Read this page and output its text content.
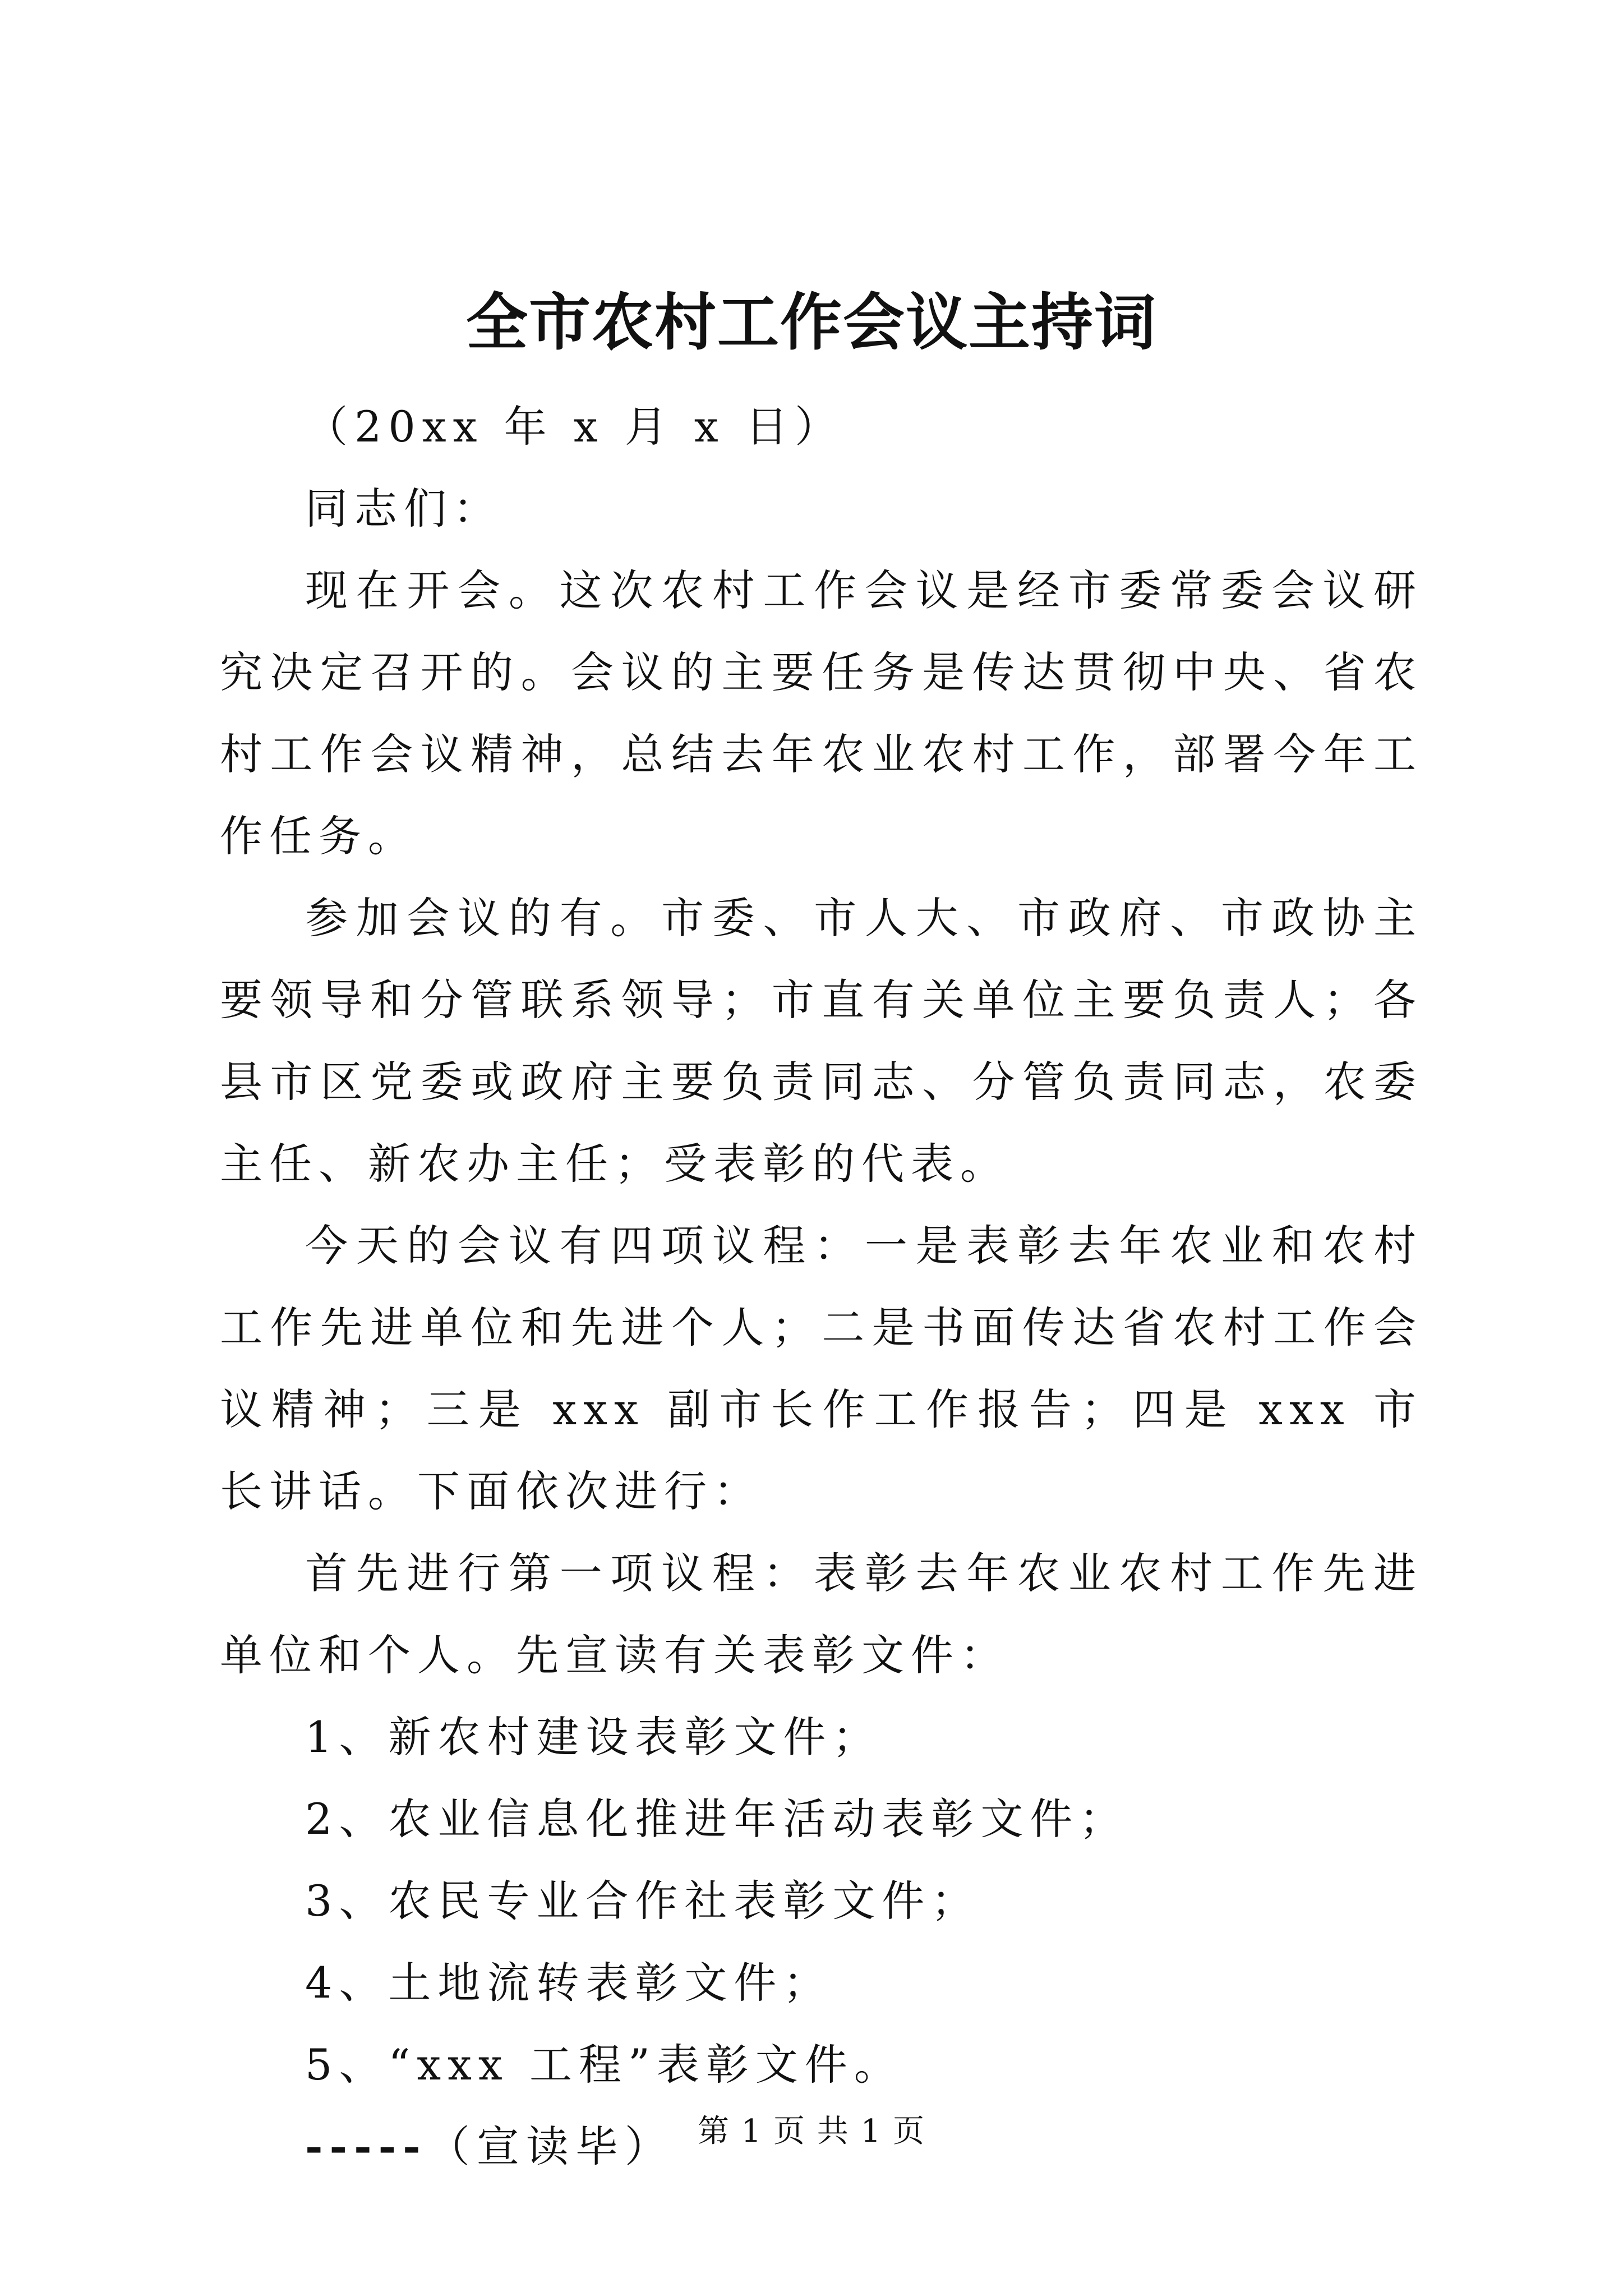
全市农村工作会议主持词

（20xx 年 x 月 x 日）

同志们：

现在开会。这次农村工作会议是经市委常委会议研究决定召开的。会议的主要任务是传达贯彻中央、省农村工作会议精神，总结去年农业农村工作，部署今年工作任务。

参加会议的有。市委、市人大、市政府、市政协主要领导和分管联系领导；市直有关单位主要负责人；各县市区党委或政府主要负责同志、分管负责同志，农委主任、新农办主任；受表彰的代表。

今天的会议有四项议程：一是表彰去年农业和农村工作先进单位和先进个人；二是书面传达省农村工作会议精神；三是 xxx 副市长作工作报告；四是 xxx 市长讲话。下面依次进行：

首先进行第一项议程：表彰去年农业农村工作先进单位和个人。先宣读有关表彰文件：

1、新农村建设表彰文件；

2、农业信息化推进年活动表彰文件；

3、农民专业合作社表彰文件；

4、土地流转表彰文件；

5、“xxx 工程”表彰文件。

-----（宣读毕） 第 1 页 共 1 页
